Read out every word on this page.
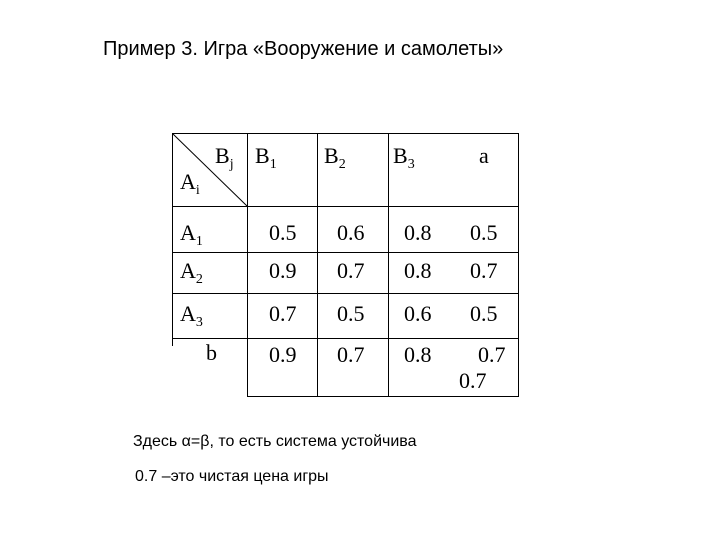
Пример 3. Игра «Вооружение и самолеты»
$B_j$
$A_i$
$B_1$ $B_2$ $B_3$	a
$A_1$	0.5 0.6 0.8 0.5
$A_2$	0.9 0.7 0.8 0.7
$A_3$	0.7 0.5 0.6 0.5
b 0.9 0.7 0.8 0.7
0.7
Здесь α=β, то есть система устойчива
0.7 –это чистая цена игры
